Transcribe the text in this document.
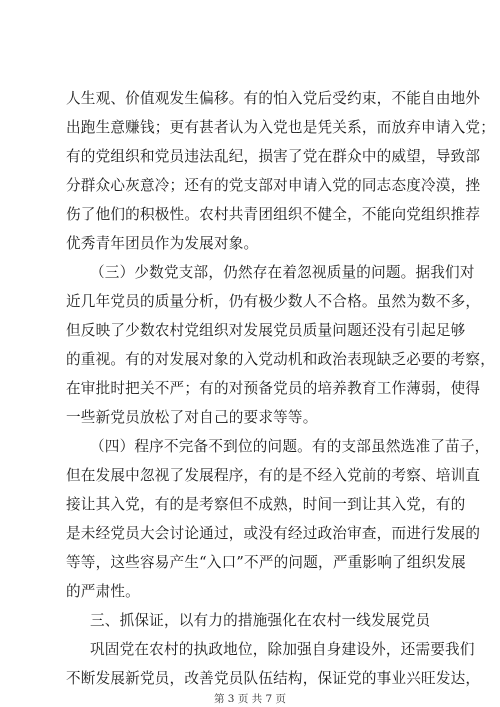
人生观、价值观发生偏移。有的怕入党后受约束，不能自由地外
出跑生意赚钱；更有甚者认为入党也是凭关系，而放弃申请入党；
有的党组织和党员违法乱纪，损害了党在群众中的威望，导致部
分群众心灰意冷；还有的党支部对申请入党的同志态度冷漠，挫
伤了他们的积极性。农村共青团组织不健全，不能向党组织推荐
优秀青年团员作为发展对象。
（三）少数党支部，仍然存在着忽视质量的问题。据我们对
近几年党员的质量分析，仍有极少数人不合格。虽然为数不多，
但反映了少数农村党组织对发展党员质量问题还没有引起足够
的重视。有的对发展对象的入党动机和政治表现缺乏必要的考察，
在审批时把关不严；有的对预备党员的培养教育工作薄弱，使得
一些新党员放松了对自己的要求等等。
（四）程序不完备不到位的问题。有的支部虽然选准了苗子，
但在发展中忽视了发展程序，有的是不经入党前的考察、培训直
接让其入党，有的是考察但不成熟，时间一到让其入党，有的
是未经党员大会讨论通过，或没有经过政治审查，而进行发展的
等等，这些容易产生“入口”不严的问题，严重影响了组织发展
的严肃性。
三、抓保证，以有力的措施强化在农村一线发展党员
巩固党在农村的执政地位，除加强自身建设外，还需要我们
不断发展新党员，改善党员队伍结构，保证党的事业兴旺发达，
第 3 页 共 7 页
